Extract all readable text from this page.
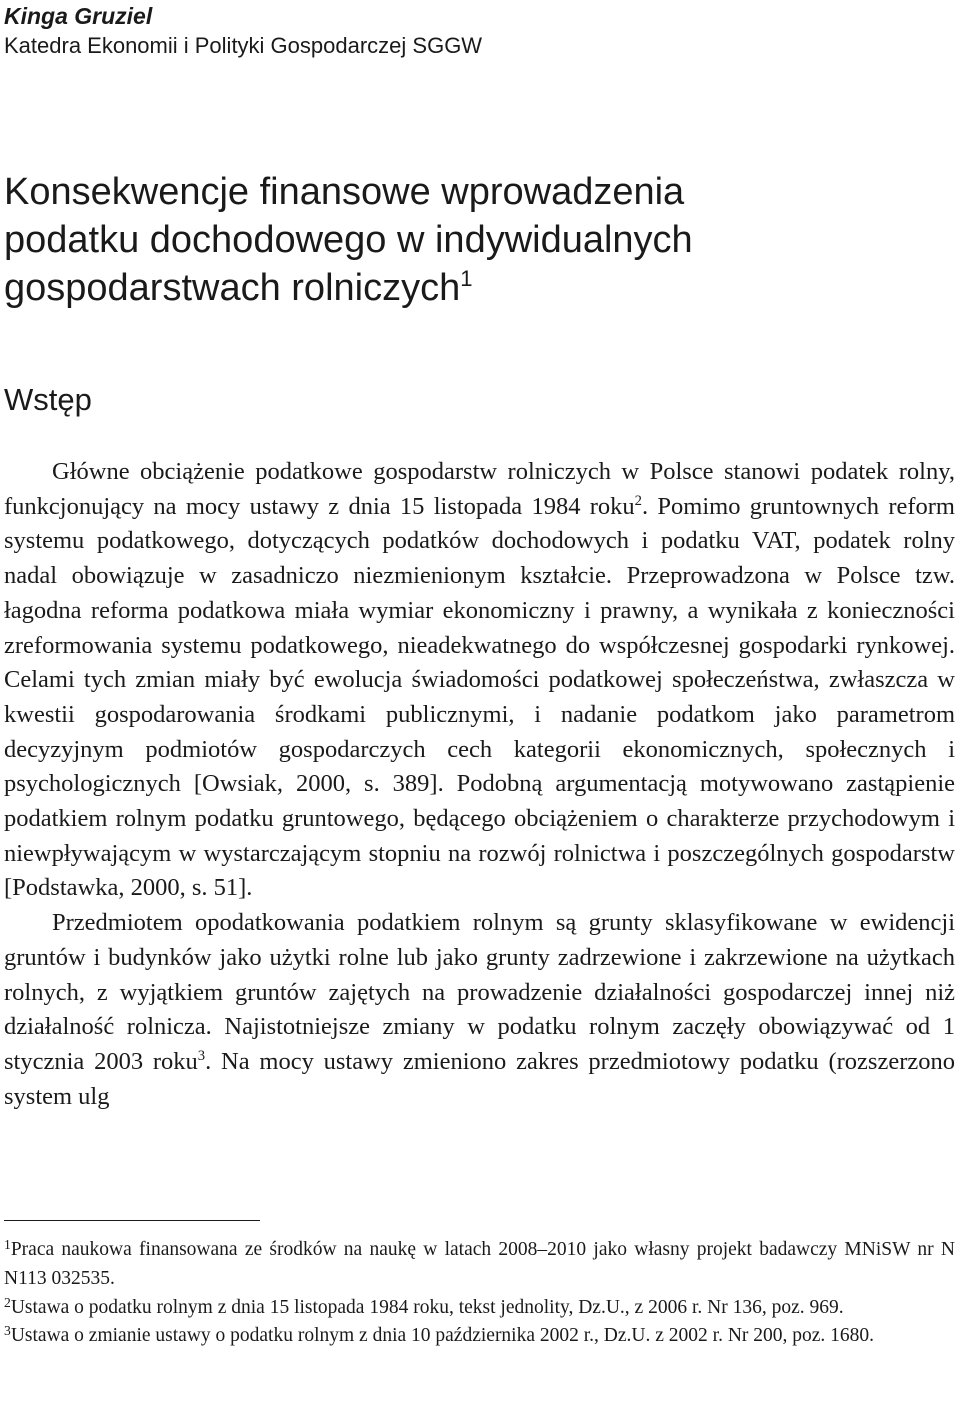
Kinga Gruziel

Katedra Ekonomii i Polityki Gospodarczej SGGW

Konsekwencje finansowe wprowadzenia
podatku dochodowego w indywidualnych
gospodarstwach rolniczych$^1$
Wstęp

Główne obciążenie podatkowe gospodarstw rolniczych w Polsce stanowi podatek rolny, funkcjonujący na mocy ustawy z dnia 15 listopada 1984 roku$^2$. Pomimo gruntownych reform systemu podatkowego, dotyczących podatków dochodowych i podatku VAT, podatek rolny nadal obowiązuje w zasadniczo niezmienionym kształcie. Przeprowadzona w Polsce tzw. łagodna reforma podatkowa miała wymiar ekonomiczny i prawny, a wynikała z konieczności zreformowania systemu podatkowego, nieadekwatnego do współczesnej gospodarki rynkowej. Celami tych zmian miały być ewolucja świadomości podatkowej społeczeństwa, zwłaszcza w kwestii gospodarowania środkami publicznymi, i nadanie podatkom jako parametrom decyzyjnym podmiotów gospodarczych cech kategorii ekonomicznych, społecznych i psychologicznych [Owsiak, 2000, s. 389]. Podobną argumentacją motywowano zastąpienie podatkiem rolnym podatku gruntowego, będącego obciążeniem o charakterze przychodowym i niewpływającym w wystarczającym stopniu na rozwój rolnictwa i poszczególnych gospodarstw [Podstawka, 2000, s. 51].

Przedmiotem opodatkowania podatkiem rolnym są grunty sklasyfikowane w ewidencji gruntów i budynków jako użytki rolne lub jako grunty zadrzewione i zakrzewione na użytkach rolnych, z wyjątkiem gruntów zajętych na prowadzenie działalności gospodarczej innej niż działalność rolnicza. Najistotniejsze zmiany w podatku rolnym zaczęły obowiązywać od 1 stycznia 2003 roku$^3$. Na mocy ustawy zmieniono zakres przedmiotowy podatku (rozszerzono system ulg

$^1$Praca naukowa finansowana ze środków na naukę w latach 2008–2010 jako własny projekt badawczy MNiSW nr N N113 032535.

$^2$Ustawa o podatku rolnym z dnia 15 listopada 1984 roku, tekst jednolity, Dz.U., z 2006 r. Nr 136, poz. 969.

$^3$Ustawa o zmianie ustawy o podatku rolnym z dnia 10 października 2002 r., Dz.U. z 2002 r. Nr 200, poz. 1680.
